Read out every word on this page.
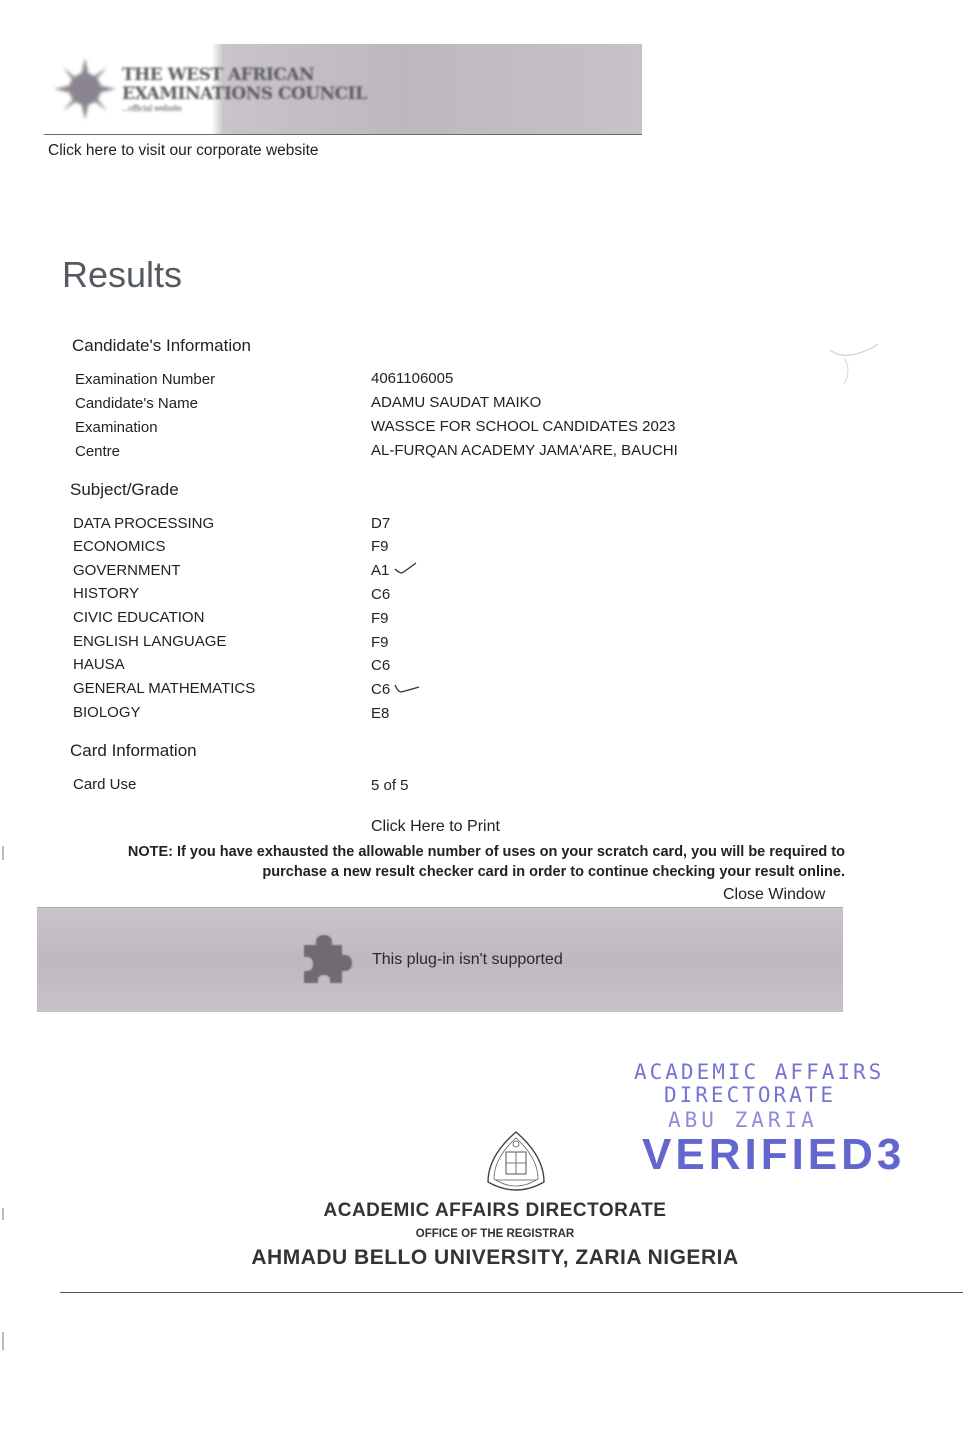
THE WEST AFRICAN
EXAMINATIONS COUNCIL
...official website
Click here to visit our corporate website
Results
Candidate's Information
Examination Number	4061106005
Candidate's Name	ADAMU SAUDAT MAIKO
Examination	WASSCE FOR SCHOOL CANDIDATES 2023
Centre	AL-FURQAN ACADEMY JAMA'ARE, BAUCHI
Subject/Grade
DATA PROCESSING	D7
ECONOMICS	F9
GOVERNMENT	A1
HISTORY	C6
CIVIC EDUCATION	F9
ENGLISH LANGUAGE	F9
HAUSA	C6
GENERAL MATHEMATICS	C6
BIOLOGY	E8
Card Information
Card Use	5 of 5
Click Here to Print
NOTE: If you have exhausted the allowable number of uses on your scratch card, you will be required to purchase a new result checker card in order to continue checking your result online.
Close Window
This plug-in isn't supported
ACADEMIC AFFAIRS
DIRECTORATE
ABU ZARIA
VERIFIED3
ACADEMIC AFFAIRS DIRECTORATE
OFFICE OF THE REGISTRAR
AHMADU BELLO UNIVERSITY, ZARIA NIGERIA
